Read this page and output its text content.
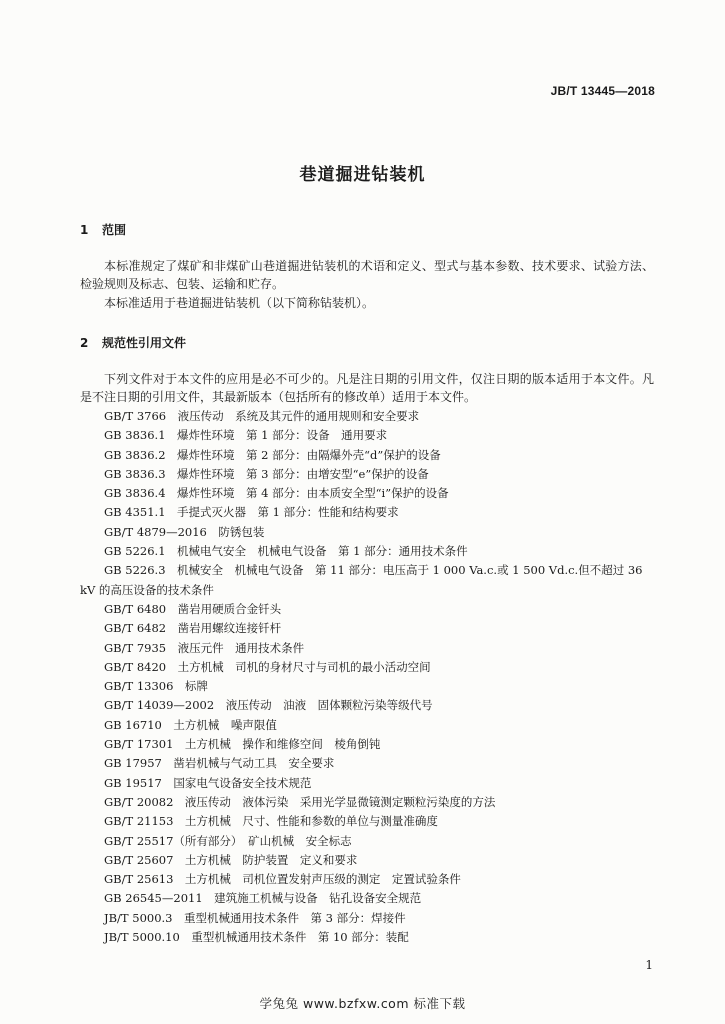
JB/T 13445—2018
巷道掘进钻装机
1 范围
本标准规定了煤矿和非煤矿山巷道掘进钻装机的术语和定义、型式与基本参数、技术要求、试验方法、检验规则及标志、包装、运输和贮存。
本标准适用于巷道掘进钻装机（以下简称钻装机）。
2 规范性引用文件
下列文件对于本文件的应用是必不可少的。凡是注日期的引用文件，仅注日期的版本适用于本文件。凡是不注日期的引用文件，其最新版本（包括所有的修改单）适用于本文件。
GB/T 3766　液压传动　系统及其元件的通用规则和安全要求
GB 3836.1　爆炸性环境　第 1 部分：设备　通用要求
GB 3836.2　爆炸性环境　第 2 部分：由隔爆外壳“d”保护的设备
GB 3836.3　爆炸性环境　第 3 部分：由增安型“e”保护的设备
GB 3836.4　爆炸性环境　第 4 部分：由本质安全型“i”保护的设备
GB 4351.1　手提式灭火器　第 1 部分：性能和结构要求
GB/T 4879—2016　防锈包装
GB 5226.1　机械电气安全　机械电气设备　第 1 部分：通用技术条件
GB 5226.3　机械安全　机械电气设备　第 11 部分：电压高于 1 000 Va.c.或 1 500 Vd.c.但不超过 36 kV 的高压设备的技术条件
GB/T 6480　凿岩用硬质合金钎头
GB/T 6482　凿岩用螺纹连接钎杆
GB/T 7935　液压元件　通用技术条件
GB/T 8420　土方机械　司机的身材尺寸与司机的最小活动空间
GB/T 13306　标牌
GB/T 14039—2002　液压传动　油液　固体颗粒污染等级代号
GB 16710　土方机械　噪声限值
GB/T 17301　土方机械　操作和维修空间　棱角倒钝
GB 17957　凿岩机械与气动工具　安全要求
GB 19517　国家电气设备安全技术规范
GB/T 20082　液压传动　液体污染　采用光学显微镜测定颗粒污染度的方法
GB/T 21153　土方机械　尺寸、性能和参数的单位与测量准确度
GB/T 25517（所有部分）　矿山机械　安全标志
GB/T 25607　土方机械　防护装置　定义和要求
GB/T 25613　土方机械　司机位置发射声压级的测定　定置试验条件
GB 26545—2011　建筑施工机械与设备　钻孔设备安全规范
JB/T 5000.3　重型机械通用技术条件　第 3 部分：焊接件
JB/T 5000.10　重型机械通用技术条件　第 10 部分：装配
1
学兔兔 www.bzfxw.com 标准下载
